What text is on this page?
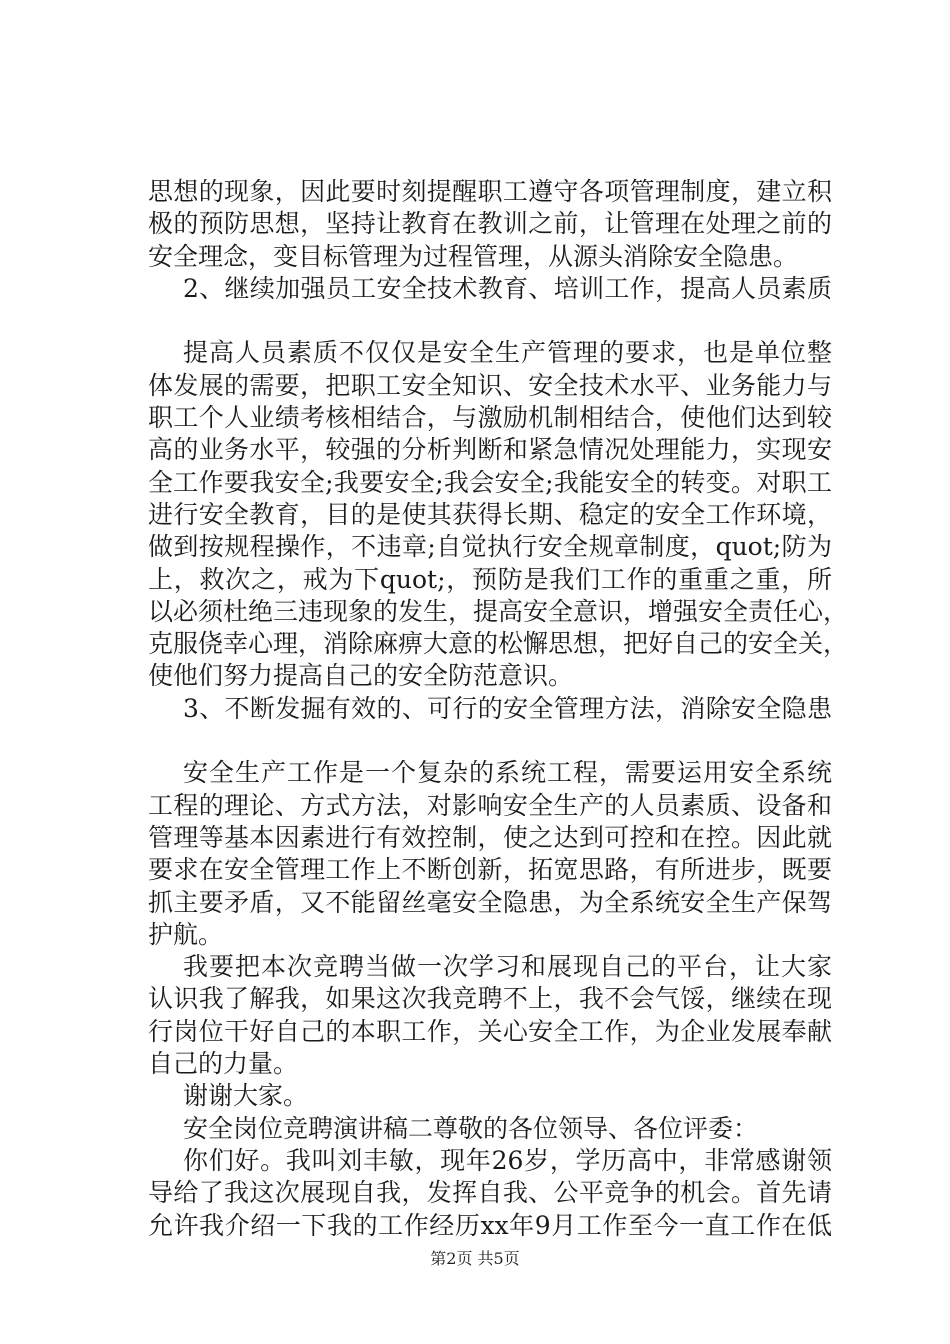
思想的现象，因此要时刻提醒职工遵守各项管理制度，建立积
极的预防思想，坚持让教育在教训之前，让管理在处理之前的
安全理念，变目标管理为过程管理，从源头消除安全隐患。
2、继续加强员工安全技术教育、培训工作，提高人员素质
提高人员素质不仅仅是安全生产管理的要求，也是单位整
体发展的需要，把职工安全知识、安全技术水平、业务能力与
职工个人业绩考核相结合，与激励机制相结合，使他们达到较
高的业务水平，较强的分析判断和紧急情况处理能力，实现安
全工作要我安全;我要安全;我会安全;我能安全的转变。对职工
进行安全教育，目的是使其获得长期、稳定的安全工作环境，
做到按规程操作，不违章;自觉执行安全规章制度，quot;防为
上，救次之，戒为下quot;，预防是我们工作的重重之重，所
以必须杜绝三违现象的发生，提高安全意识，增强安全责任心，
克服侥幸心理，消除麻痹大意的松懈思想，把好自己的安全关，
使他们努力提高自己的安全防范意识。
3、不断发掘有效的、可行的安全管理方法，消除安全隐患
安全生产工作是一个复杂的系统工程，需要运用安全系统
工程的理论、方式方法，对影响安全生产的人员素质、设备和
管理等基本因素进行有效控制，使之达到可控和在控。因此就
要求在安全管理工作上不断创新，拓宽思路，有所进步，既要
抓主要矛盾，又不能留丝毫安全隐患，为全系统安全生产保驾
护航。
我要把本次竞聘当做一次学习和展现自己的平台，让大家
认识我了解我，如果这次我竞聘不上，我不会气馁，继续在现
行岗位干好自己的本职工作，关心安全工作，为企业发展奉献
自己的力量。
谢谢大家。
安全岗位竞聘演讲稿二尊敬的各位领导、各位评委：
你们好。我叫刘丰敏，现年26岁，学历高中，非常感谢领
导给了我这次展现自我，发挥自我、公平竞争的机会。首先请
允许我介绍一下我的工作经历xx年9月工作至今一直工作在低
第2页 共5页
